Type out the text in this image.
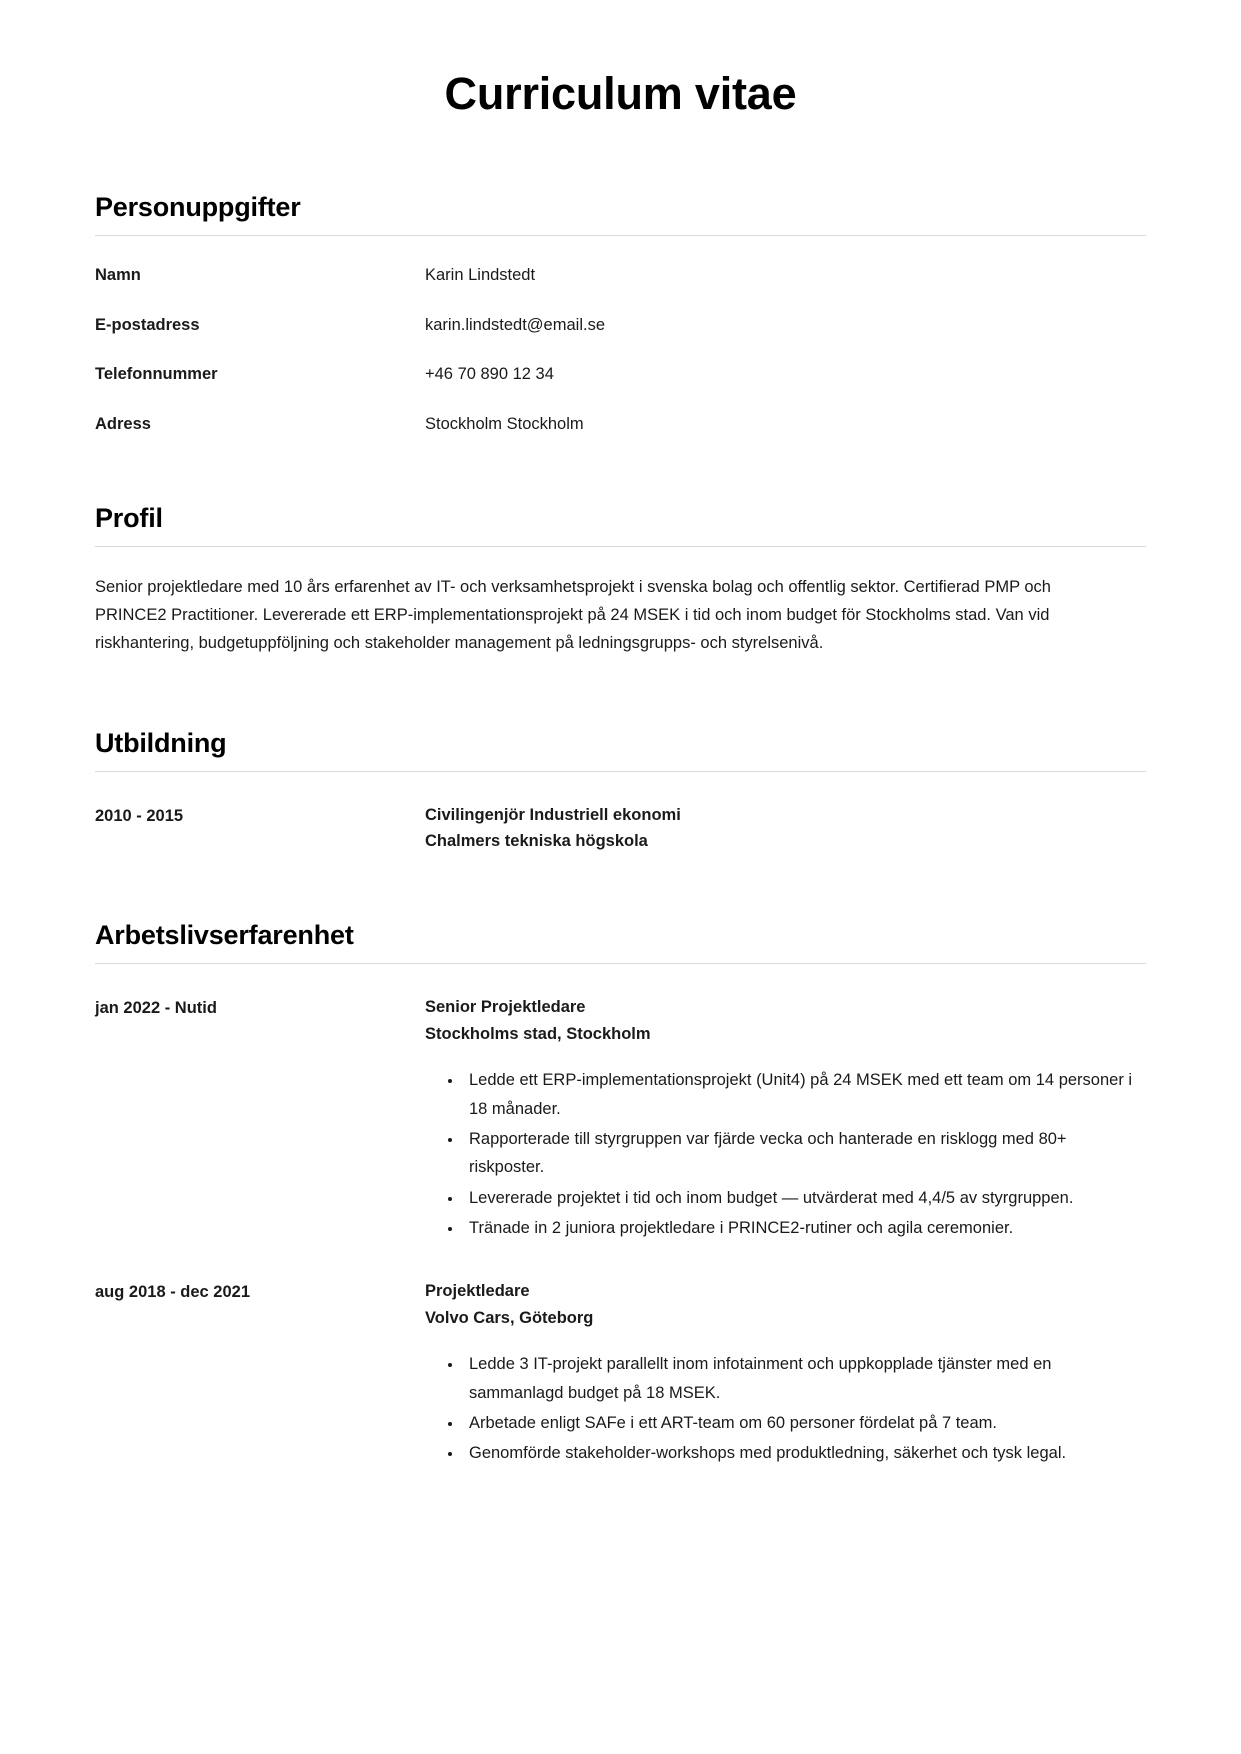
Curriculum vitae
Personuppgifter
Namn	Karin Lindstedt
E-postadress	karin.lindstedt@email.se
Telefonnummer	+46 70 890 12 34
Adress	Stockholm Stockholm
Profil

Senior projektledare med 10 års erfarenhet av IT- och verksamhetsprojekt i svenska bolag och offentlig sektor. Certifierad PMP och PRINCE2 Practitioner. Levererade ett ERP-implementationsprojekt på 24 MSEK i tid och inom budget för Stockholms stad. Van vid riskhantering, budgetuppföljning och stakeholder management på ledningsgrupps- och styrelsenivå.

Utbildning
2010 - 2015	Civilingenjör Industriell ekonomi
Chalmers tekniska högskola
Arbetslivserfarenhet
jan 2022 - Nutid	Senior Projektledare
Stockholms stad, Stockholm
• Ledde ett ERP-implementationsprojekt (Unit4) på 24 MSEK med ett team om 14 personer i 18 månader.
• Rapporterade till styrgruppen var fjärde vecka och hanterade en risklogg med 80+ riskposter.
• Levererade projektet i tid och inom budget — utvärderat med 4,4/5 av styrgruppen.
• Tränade in 2 juniora projektledare i PRINCE2-rutiner och agila ceremonier.
aug 2018 - dec 2021	Projektledare
Volvo Cars, Göteborg
• Ledde 3 IT-projekt parallellt inom infotainment och uppkopplade tjänster med en sammanlagd budget på 18 MSEK.
• Arbetade enligt SAFe i ett ART-team om 60 personer fördelat på 7 team.
• Genomförde stakeholder-workshops med produktledning, säkerhet och tysk legal.
